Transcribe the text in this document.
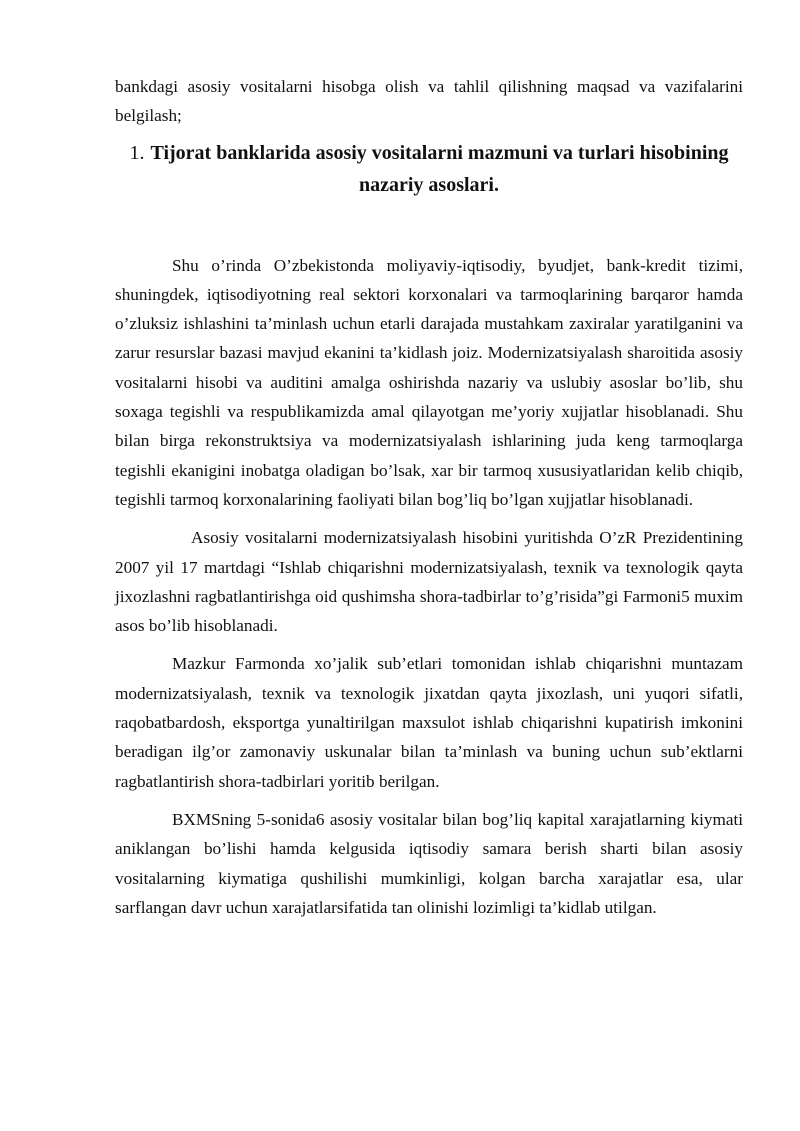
bankdagi asosiy vositalarni hisobga olish va tahlil qilishning maqsad va vazifalarini belgilash;

1. Tijorat banklarida asosiy vositalarni mazmuni va turlari hisobining nazariy asoslari.

Shu o’rinda O’zbekistonda moliyaviy-iqtisodiy, byudjet, bank-kredit tizimi, shuningdek, iqtisodiyotning real sektori korxonalari va tarmoqlarining barqaror hamda o’zluksiz ishlashini ta’minlash uchun etarli darajada mustahkam zaxiralar yaratilganini va zarur resurslar bazasi mavjud ekanini ta’kidlash joiz. Modernizatsiyalash sharoitida asosiy vositalarni hisobi va auditini amalga oshirishda nazariy va uslubiy asoslar bo’lib, shu soxaga tegishli va respublikamizda amal qilayotgan me’yoriy xujjatlar hisoblanadi. Shu bilan birga rekonstruktsiya va modernizatsiyalash ishlarining juda keng tarmoqlarga tegishli ekanigini inobatga oladigan bo’lsak, xar bir tarmoq xususiyatlaridan kelib chiqib, tegishli tarmoq korxonalarining faoliyati bilan bog’liq bo’lgan xujjatlar hisoblanadi.

Asosiy vositalarni modernizatsiyalash hisobini yuritishda O’zR Prezidentining 2007 yil 17 martdagi “Ishlab chiqarishni modernizatsiyalash, texnik va texnologik qayta jixozlashni ragbatlantirishga oid qushimsha shora-tadbirlar to’g’risida”gi Farmoni5 muxim asos bo’lib hisoblanadi.

Mazkur Farmonda xo’jalik sub’etlari tomonidan ishlab chiqarishni muntazam modernizatsiyalash, texnik va texnologik jixatdan qayta jixozlash, uni yuqori sifatli, raqobatbardosh, eksportga yunaltirilgan maxsulot ishlab chiqarishni kupatirish imkonini beradigan ilg’or zamonaviy uskunalar bilan ta’minlash va buning uchun sub’ektlarni ragbatlantirish shora-tadbirlari yoritib berilgan.

BXMSning 5-sonida6 asosiy vositalar bilan bog’liq kapital xarajatlarning kiymati aniklangan bo’lishi hamda kelgusida iqtisodiy samara berish sharti bilan asosiy vositalarning kiymatiga qushilishi mumkinligi, kolgan barcha xarajatlar esa, ular sarflangan davr uchun xarajatlarsifatida tan olinishi lozimligi ta’kidlab utilgan.
